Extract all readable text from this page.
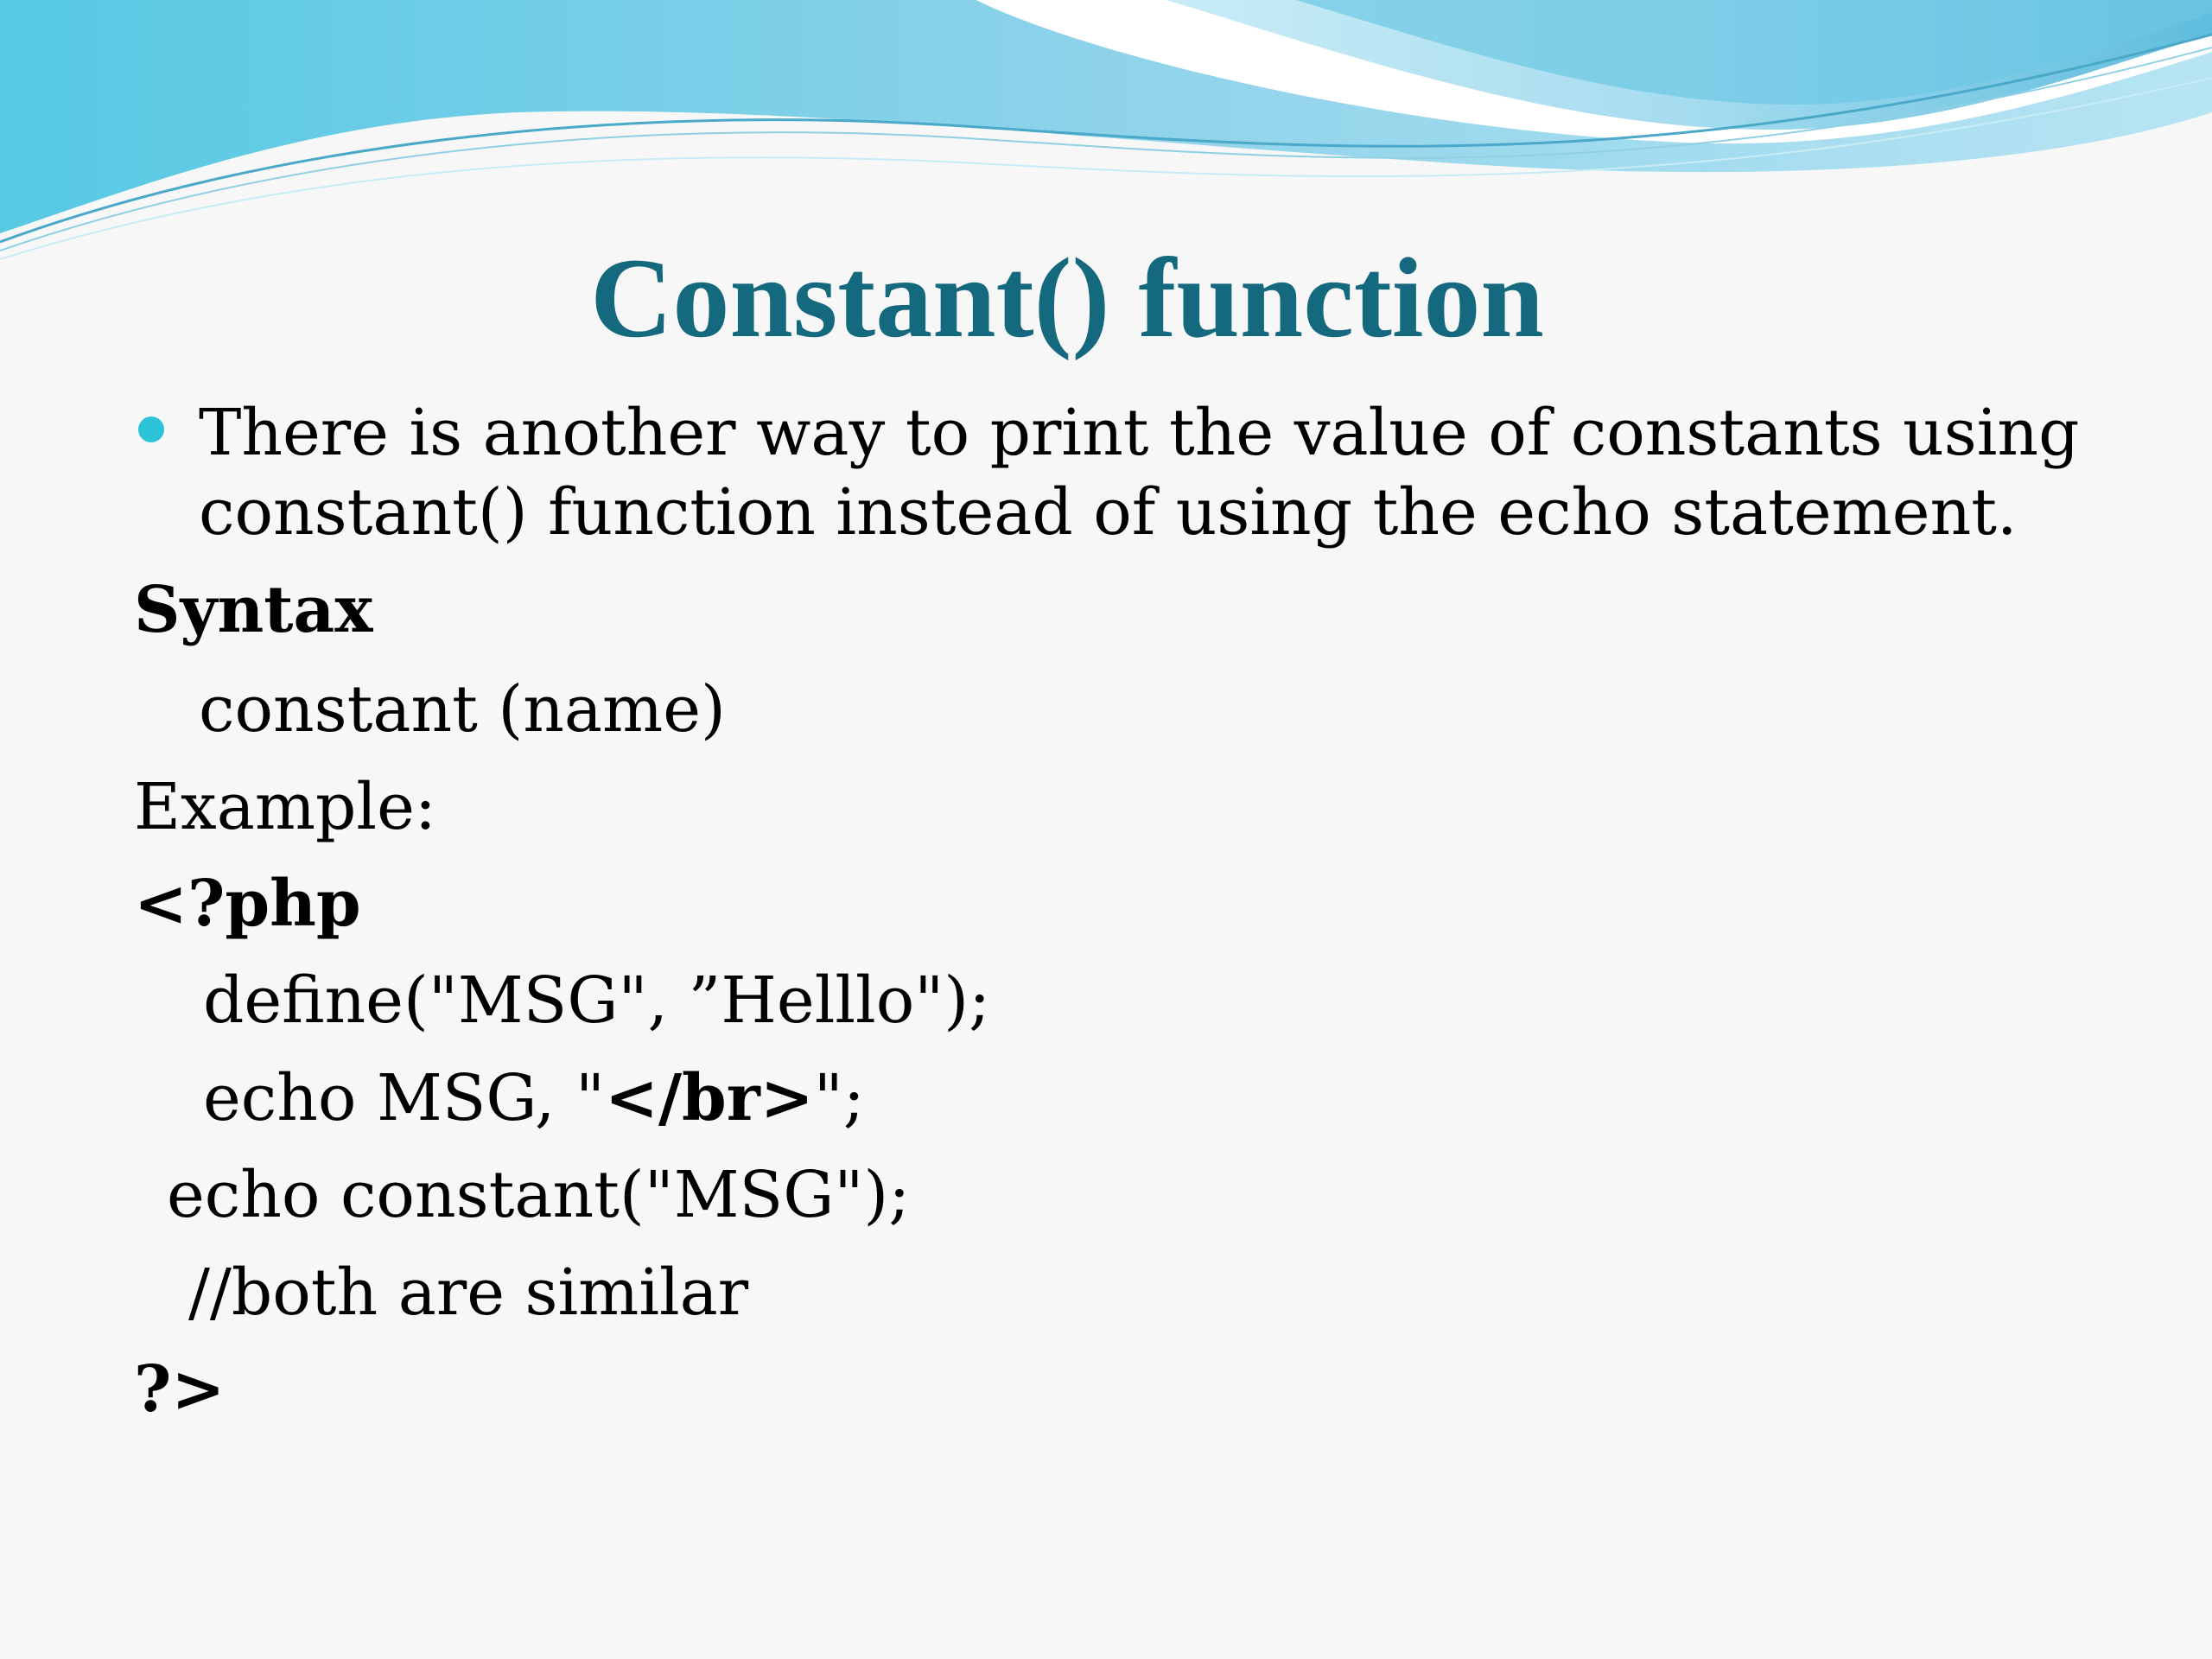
Constant() function

There is another way to print the value of constants using constant() function instead of using the echo statement.

Syntax

constant (name)

Example:

<?php

define("MSG", ”Helllo");

echo MSG, "</br>";

echo constant("MSG");

//both are similar

?>
